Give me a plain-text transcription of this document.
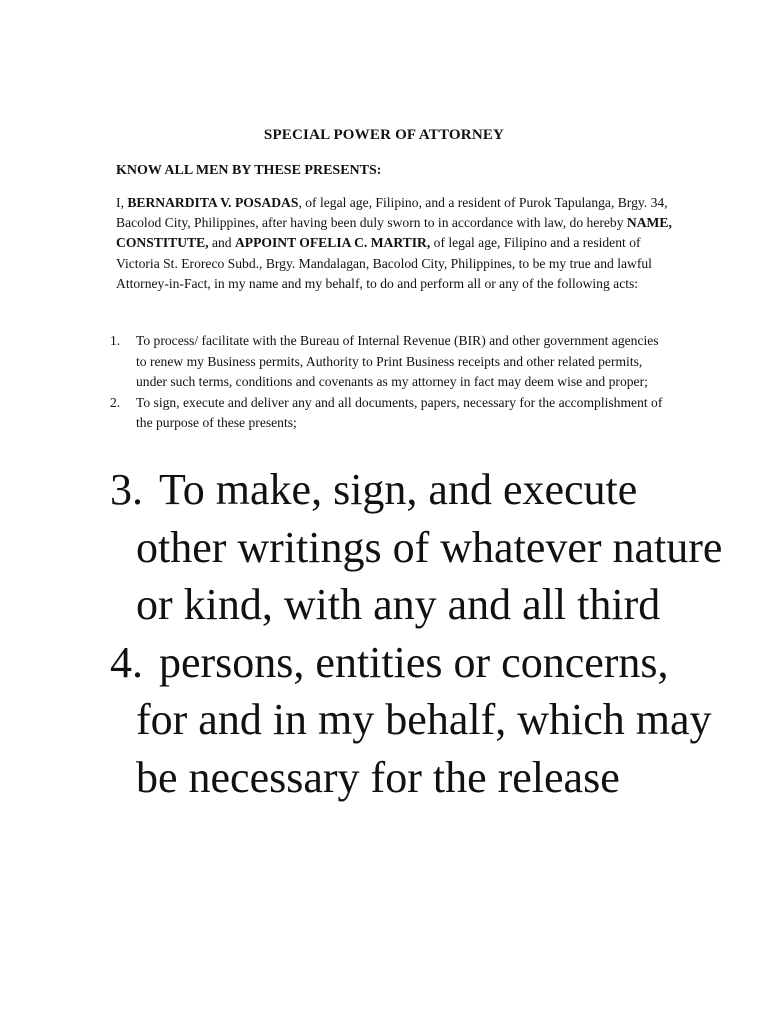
SPECIAL POWER OF ATTORNEY
KNOW ALL MEN BY THESE PRESENTS:

I, BERNARDITA V. POSADAS, of legal age, Filipino, and a resident of Purok Tapulanga, Brgy. 34, Bacolod City, Philippines, after having been duly sworn to in accordance with law, do hereby NAME, CONSTITUTE, and APPOINT OFELIA C. MARTIR, of legal age, Filipino and a resident of Victoria St. Eroreco Subd., Brgy. Mandalagan, Bacolod City, Philippines, to be my true and lawful Attorney-in-Fact, in my name and my behalf, to do and perform all or any of the following acts:

1. To process/ facilitate with the Bureau of Internal Revenue (BIR) and other government agencies to renew my Business permits, Authority to Print Business receipts and other related permits, under such terms, conditions and covenants as my attorney in fact may deem wise and proper;
2. To sign, execute and deliver any and all documents, papers, necessary for the accomplishment of the purpose of these presents;
3. To make, sign, and execute other writings of whatever nature or kind, with any and all third
4. persons, entities or concerns, for and in my behalf, which may be necessary for the release
